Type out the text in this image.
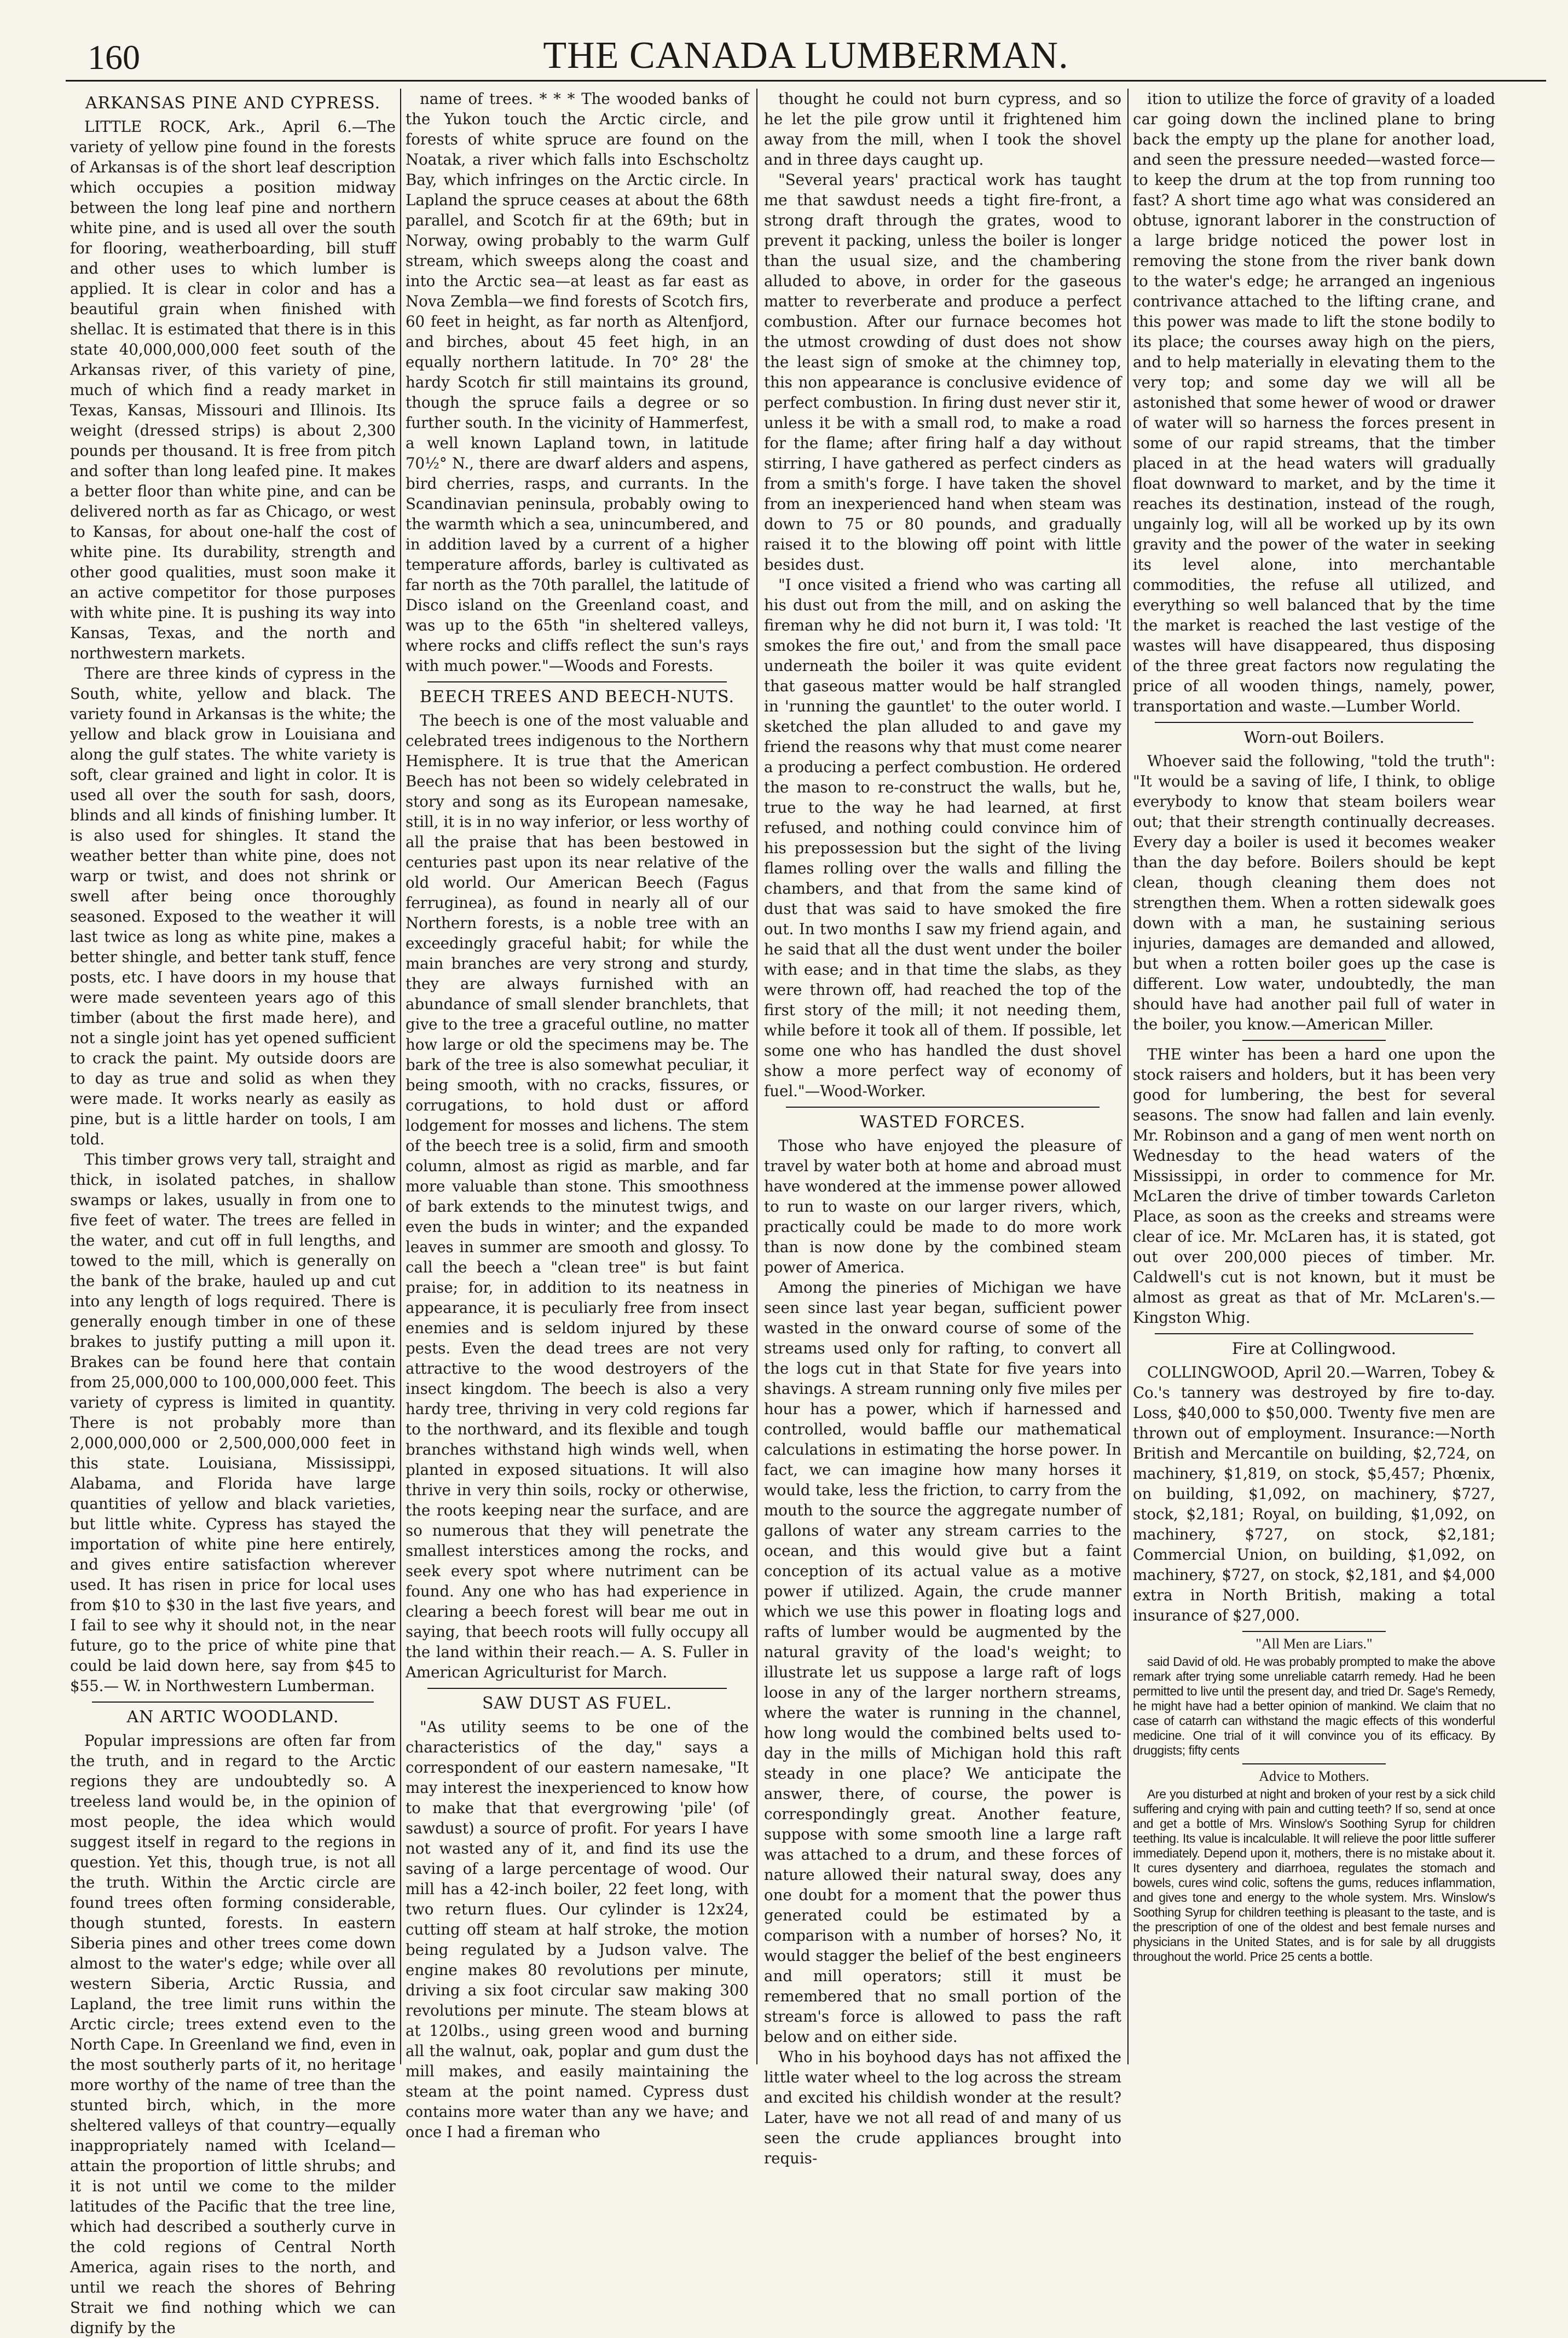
160	THE CANADA LUMBERMAN.
ARKANSAS PINE AND CYPRESS.

LITTLE ROCK, Ark., April 6.—The variety of yellow pine found in the forests of Arkansas is of the short leaf description which occupies a position midway between the long leaf pine and northern white pine, and is used all over the south for flooring, weatherboarding, bill stuff and other uses to which lumber is applied. It is clear in color and has a beautiful grain when finished with shellac. It is estimated that there is in this state 40,000,000,000 feet south of the Arkansas river, of this variety of pine, much of which find a ready market in Texas, Kansas, Missouri and Illinois. Its weight (dressed strips) is about 2,300 pounds per thousand. It is free from pitch and softer than long leafed pine. It makes a better floor than white pine, and can be delivered north as far as Chicago, or west to Kansas, for about one-half the cost of white pine. Its durability, strength and other good qualities, must soon make it an active competitor for those purposes with white pine. It is pushing its way into Kansas, Texas, and the north and northwestern markets.

There are three kinds of cypress in the South, white, yellow and black. The variety found in Arkansas is the white; the yellow and black grow in Louisiana and along the gulf states. The white variety is soft, clear grained and light in color. It is used all over the south for sash, doors, blinds and all kinds of finishing lumber. It is also used for shingles. It stand the weather better than white pine, does not warp or twist, and does not shrink or swell after being once thoroughly seasoned. Exposed to the weather it will last twice as long as white pine, makes a better shingle, and better tank stuff, fence posts, etc. I have doors in my house that were made seventeen years ago of this timber (about the first made here), and not a single joint has yet opened sufficient to crack the paint. My outside doors are to day as true and solid as when they were made. It works nearly as easily as pine, but is a little harder on tools, I am told.

This timber grows very tall, straight and thick, in isolated patches, in shallow swamps or lakes, usually in from one to five feet of water. The trees are felled in the water, and cut off in full lengths, and towed to the mill, which is generally on the bank of the brake, hauled up and cut into any length of logs required. There is generally enough timber in one of these brakes to justify putting a mill upon it. Brakes can be found here that contain from 25,000,000 to 100,000,000 feet. This variety of cypress is limited in quantity. There is not probably more than 2,000,000,000 or 2,500,000,000 feet in this state. Louisiana, Mississippi, Alabama, and Florida have large quantities of yellow and black varieties, but little white. Cypress has stayed the importation of white pine here entirely, and gives entire satisfaction wherever used. It has risen in price for local uses from $10 to $30 in the last five years, and I fail to see why it should not, in the near future, go to the price of white pine that could be laid down here, say from $45 to $55.— W. in Northwestern Lumberman.

AN ARTIC WOODLAND.

Popular impressions are often far from the truth, and in regard to the Arctic regions they are undoubtedly so. A treeless land would be, in the opinion of most people, the idea which would suggest itself in regard to the regions in question. Yet this, though true, is not all the truth. Within the Arctic circle are found trees often forming considerable, though stunted, forests. In eastern Siberia pines and other trees come down almost to the water's edge; while over all western Siberia, Arctic Russia, and Lapland, the tree limit runs within the Arctic circle; trees extend even to the North Cape. In Greenland we find, even in the most southerly parts of it, no heritage more worthy of the name of tree than the stunted birch, which, in the more sheltered valleys of that country—equally inappropriately named with Iceland—attain the proportion of little shrubs; and it is not until we come to the milder latitudes of the Pacific that the tree line, which had described a southerly curve in the cold regions of Central North America, again rises to the north, and until we reach the shores of Behring Strait we find nothing which we can dignify by the

name of trees. * * * The wooded banks of the Yukon touch the Arctic circle, and forests of white spruce are found on the Noatak, a river which falls into Eschscholtz Bay, which infringes on the Arctic circle. In Lapland the spruce ceases at about the 68th parallel, and Scotch fir at the 69th; but in Norway, owing probably to the warm Gulf stream, which sweeps along the coast and into the Arctic sea—at least as far east as Nova Zembla—we find forests of Scotch firs, 60 feet in height, as far north as Altenfjord, and birches, about 45 feet high, in an equally northern latitude. In 70° 28' the hardy Scotch fir still maintains its ground, though the spruce fails a degree or so further south. In the vicinity of Hammerfest, a well known Lapland town, in latitude 70½° N., there are dwarf alders and aspens, bird cherries, rasps, and currants. In the Scandinavian peninsula, probably owing to the warmth which a sea, unincumbered, and in addition laved by a current of a higher temperature affords, barley is cultivated as far north as the 70th parallel, the latitude of Disco island on the Greenland coast, and was up to the 65th "in sheltered valleys, where rocks and cliffs reflect the sun's rays with much power."—Woods and Forests.

BEECH TREES AND BEECH-NUTS.

The beech is one of the most valuable and celebrated trees indigenous to the Northern Hemisphere. It is true that the American Beech has not been so widely celebrated in story and song as its European namesake, still, it is in no way inferior, or less worthy of all the praise that has been bestowed in centuries past upon its near relative of the old world. Our American Beech (Fagus ferruginea), as found in nearly all of our Northern forests, is a noble tree with an exceedingly graceful habit; for while the main branches are very strong and sturdy, they are always furnished with an abundance of small slender branchlets, that give to the tree a graceful outline, no matter how large or old the specimens may be. The bark of the tree is also somewhat peculiar, it being smooth, with no cracks, fissures, or corrugations, to hold dust or afford lodgement for mosses and lichens. The stem of the beech tree is a solid, firm and smooth column, almost as rigid as marble, and far more valuable than stone. This smoothness of bark extends to the minutest twigs, and even the buds in winter; and the expanded leaves in summer are smooth and glossy. To call the beech a "clean tree" is but faint praise; for, in addition to its neatness in appearance, it is peculiarly free from insect enemies and is seldom injured by these pests. Even the dead trees are not very attractive to the wood destroyers of the insect kingdom. The beech is also a very hardy tree, thriving in very cold regions far to the northward, and its flexible and tough branches withstand high winds well, when planted in exposed situations. It will also thrive in very thin soils, rocky or otherwise, the roots keeping near the surface, and are so numerous that they will penetrate the smallest interstices among the rocks, and seek every spot where nutriment can be found. Any one who has had experience in clearing a beech forest will bear me out in saying, that beech roots will fully occupy all the land within their reach.— A. S. Fuller in American Agriculturist for March.

SAW DUST AS FUEL.

"As utility seems to be one of the characteristics of the day," says a correspondent of our eastern namesake, "It may interest the inexperienced to know how to make that that evergrowing 'pile' (of sawdust) a source of profit. For years I have not wasted any of it, and find its use the saving of a large percentage of wood. Our mill has a 42-inch boiler, 22 feet long, with two return flues. Our cylinder is 12x24, cutting off steam at half stroke, the motion being regulated by a Judson valve. The engine makes 80 revolutions per minute, driving a six foot circular saw making 300 revolutions per minute. The steam blows at at 120lbs., using green wood and burning all the walnut, oak, poplar and gum dust the mill makes, and easily maintaining the steam at the point named. Cypress dust contains more water than any we have; and once I had a fireman who

thought he could not burn cypress, and so he let the pile grow until it frightened him away from the mill, when I took the shovel and in three days caught up.

"Several years' practical work has taught me that sawdust needs a tight fire-front, a strong draft through the grates, wood to prevent it packing, unless the boiler is longer than the usual size, and the chambering alluded to above, in order for the gaseous matter to reverberate and produce a perfect combustion. After our furnace becomes hot the utmost crowding of dust does not show the least sign of smoke at the chimney top, this non appearance is conclusive evidence of perfect combustion. In firing dust never stir it, unless it be with a small rod, to make a road for the flame; after firing half a day without stirring, I have gathered as perfect cinders as from a smith's forge. I have taken the shovel from an inexperienced hand when steam was down to 75 or 80 pounds, and gradually raised it to the blowing off point with little besides dust.

"I once visited a friend who was carting all his dust out from the mill, and on asking the fireman why he did not burn it, I was told: 'It smokes the fire out,' and from the small pace underneath the boiler it was quite evident that gaseous matter would be half strangled in 'running the gauntlet' to the outer world. I sketched the plan alluded to and gave my friend the reasons why that must come nearer a producing a perfect combustion. He ordered the mason to re-construct the walls, but he, true to the way he had learned, at first refused, and nothing could convince him of his prepossession but the sight of the living flames rolling over the walls and filling the chambers, and that from the same kind of dust that was said to have smoked the fire out. In two months I saw my friend again, and he said that all the dust went under the boiler with ease; and in that time the slabs, as they were thrown off, had reached the top of the first story of the mill; it not needing them, while before it took all of them. If possible, let some one who has handled the dust shovel show a more perfect way of economy of fuel."—Wood-Worker.

WASTED FORCES.

Those who have enjoyed the pleasure of travel by water both at home and abroad must have wondered at the immense power allowed to run to waste on our larger rivers, which, practically could be made to do more work than is now done by the combined steam power of America.

Among the pineries of Michigan we have seen since last year began, sufficient power wasted in the onward course of some of the streams used only for rafting, to convert all the logs cut in that State for five years into shavings. A stream running only five miles per hour has a power, which if harnessed and controlled, would baffle our mathematical calculations in estimating the horse power. In fact, we can imagine how many horses it would take, less the friction, to carry from the mouth to the source the aggregate number of gallons of water any stream carries to the ocean, and this would give but a faint conception of its actual value as a motive power if utilized. Again, the crude manner which we use this power in floating logs and rafts of lumber would be augmented by the natural gravity of the load's weight; to illustrate let us suppose a large raft of logs loose in any of the larger northern streams, where the water is running in the channel, how long would the combined belts used to-day in the mills of Michigan hold this raft steady in one place? We anticipate the answer, there, of course, the power is correspondingly great. Another feature, suppose with some smooth line a large raft was attached to a drum, and these forces of nature allowed their natural sway, does any one doubt for a moment that the power thus generated could be estimated by a comparison with a number of horses? No, it would stagger the belief of the best engineers and mill operators; still it must be remembered that no small portion of the stream's force is allowed to pass the raft below and on either side.

Who in his boyhood days has not affixed the little water wheel to the log across the stream and excited his childish wonder at the result? Later, have we not all read of and many of us seen the crude appliances brought into requis-

ition to utilize the force of gravity of a loaded car going down the inclined plane to bring back the empty up the plane for another load, and seen the pressure needed—wasted force—to keep the drum at the top from running too fast? A short time ago what was considered an obtuse, ignorant laborer in the construction of a large bridge noticed the power lost in removing the stone from the river bank down to the water's edge; he arranged an ingenious contrivance attached to the lifting crane, and this power was made to lift the stone bodily to its place; the courses away high on the piers, and to help materially in elevating them to the very top; and some day we will all be astonished that some hewer of wood or drawer of water will so harness the forces present in some of our rapid streams, that the timber placed in at the head waters will gradually float downward to market, and by the time it reaches its destination, instead of the rough, ungainly log, will all be worked up by its own gravity and the power of the water in seeking its level alone, into merchantable commodities, the refuse all utilized, and everything so well balanced that by the time the market is reached the last vestige of the wastes will have disappeared, thus disposing of the three great factors now regulating the price of all wooden things, namely, power, transportation and waste.—Lumber World.

Worn-out Boilers.

Whoever said the following, "told the truth": "It would be a saving of life, I think, to oblige everybody to know that steam boilers wear out; that their strength continually decreases. Every day a boiler is used it becomes weaker than the day before. Boilers should be kept clean, though cleaning them does not strengthen them. When a rotten sidewalk goes down with a man, he sustaining serious injuries, damages are demanded and allowed, but when a rotten boiler goes up the case is different. Low water, undoubtedly, the man should have had another pail full of water in the boiler, you know.—American Miller.

THE winter has been a hard one upon the stock raisers and holders, but it has been very good for lumbering, the best for several seasons. The snow had fallen and lain evenly. Mr. Robinson and a gang of men went north on Wednesday to the head waters of the Mississippi, in order to commence for Mr. McLaren the drive of timber towards Carleton Place, as soon as the creeks and streams were clear of ice. Mr. McLaren has, it is stated, got out over 200,000 pieces of timber. Mr. Caldwell's cut is not known, but it must be almost as great as that of Mr. McLaren's.—Kingston Whig.

Fire at Collingwood.

COLLINGWOOD, April 20.—Warren, Tobey & Co.'s tannery was destroyed by fire to-day. Loss, $40,000 to $50,000. Twenty five men are thrown out of employment. Insurance:—North British and Mercantile on building, $2,724, on machinery, $1,819, on stock, $5,457; Phœnix, on building, $1,092, on machinery, $727, stock, $2,181; Royal, on building, $1,092, on machinery, $727, on stock, $2,181; Commercial Union, on building, $1,092, on machinery, $727, on stock, $2,181, and $4,000 extra in North British, making a total insurance of $27,000.

"All Men are Liars."

said David of old. He was probably prompted to make the above remark after trying some unreliable catarrh remedy. Had he been permitted to live until the present day, and tried Dr. Sage's Remedy, he might have had a better opinion of mankind. We claim that no case of catarrh can withstand the magic effects of this wonderful medicine. One trial of it will convince you of its efficacy. By druggists; fifty cents

Advice to Mothers.

Are you disturbed at night and broken of your rest by a sick child suffering and crying with pain and cutting teeth? If so, send at once and get a bottle of Mrs. Winslow's Soothing Syrup for children teething. Its value is incalculable. It will relieve the poor little sufferer immediately. Depend upon it, mothers, there is no mistake about it. It cures dysentery and diarrhoea, regulates the stomach and bowels, cures wind colic, softens the gums, reduces inflammation, and gives tone and energy to the whole system. Mrs. Winslow's Soothing Syrup for children teething is pleasant to the taste, and is the prescription of one of the oldest and best female nurses and physicians in the United States, and is for sale by all druggists throughout the world. Price 25 cents a bottle.
